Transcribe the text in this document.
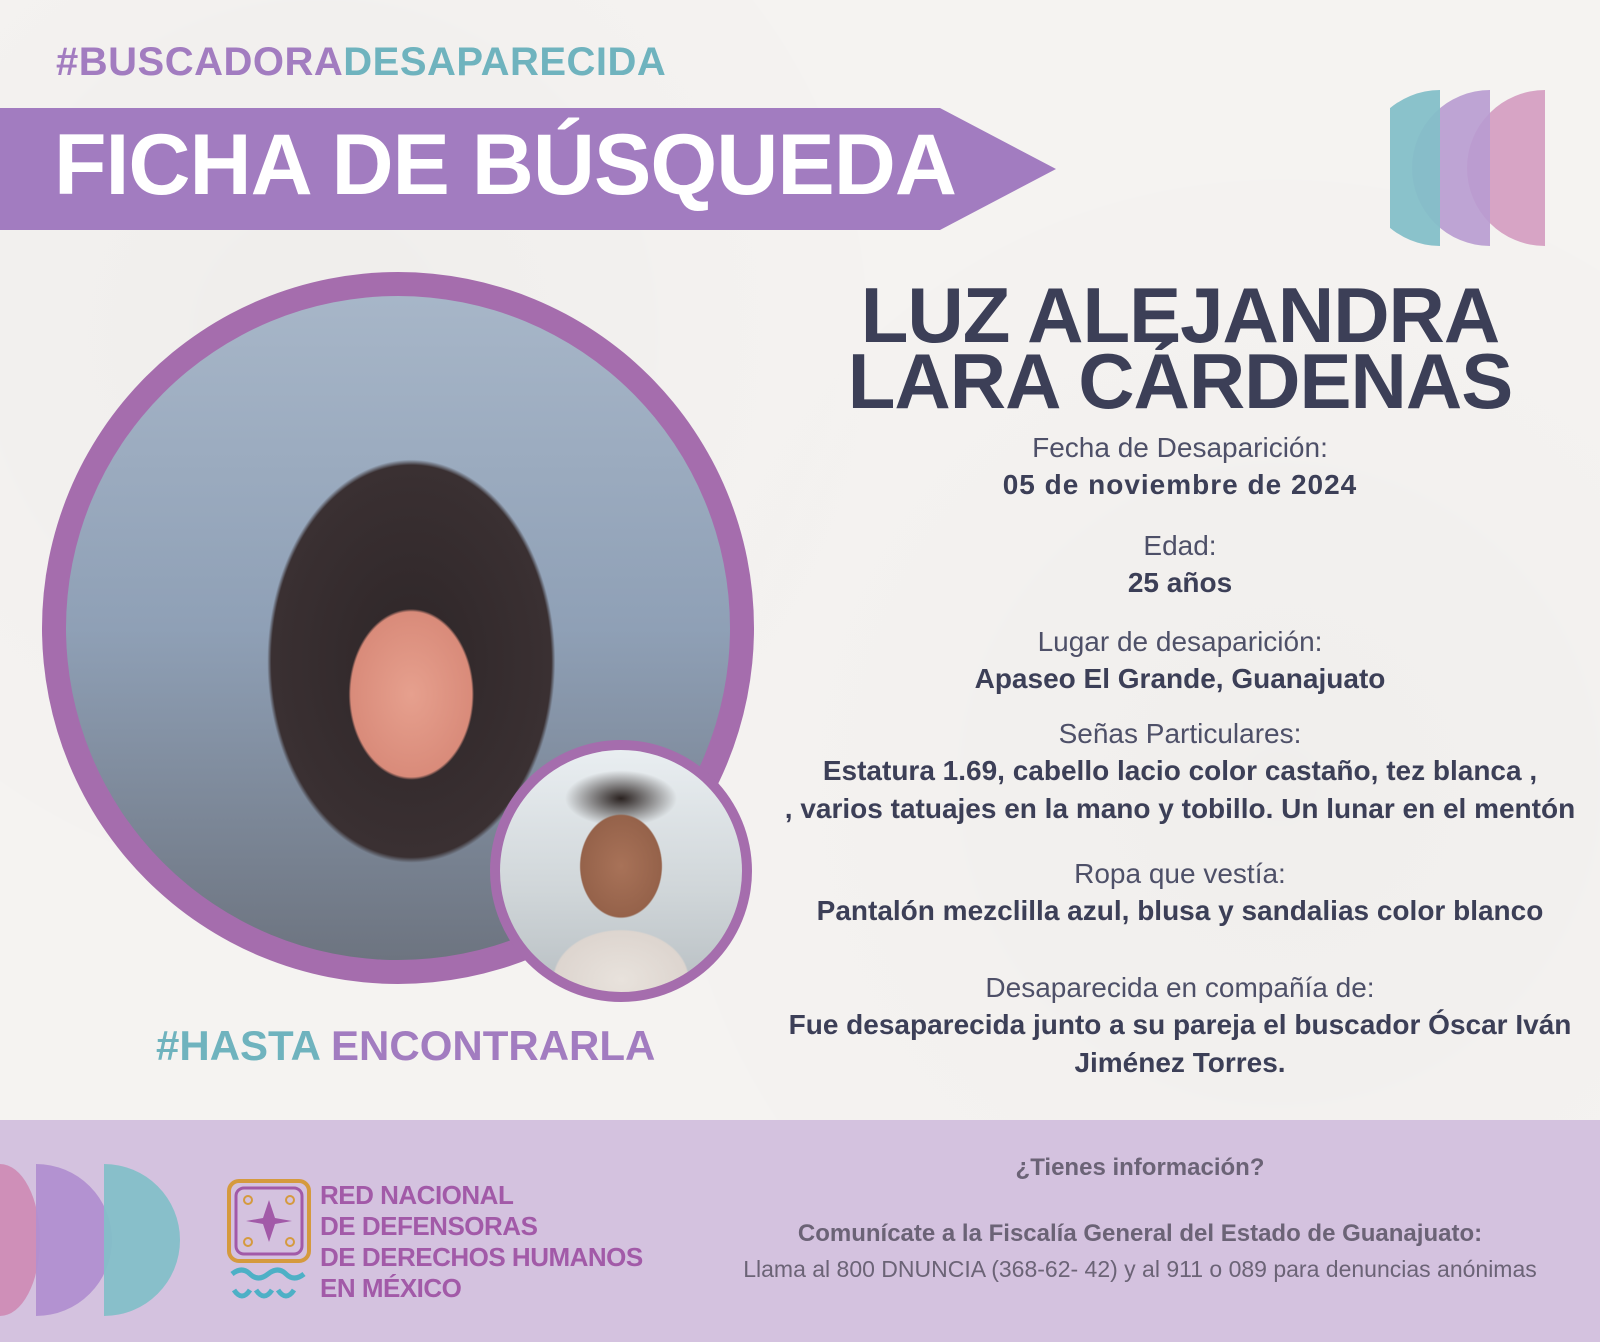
#BUSCADORADESAPARECIDA
FICHA DE BÚSQUEDA
#HASTA ENCONTRARLA
LUZ ALEJANDRA
LARA CÁRDENAS
Fecha de Desaparición:
05 de noviembre de 2024
Edad:
25 años
Lugar de desaparición:
Apaseo El Grande, Guanajuato
Señas Particulares:
Estatura 1.69, cabello lacio color castaño, tez blanca ,
, varios tatuajes en la mano y tobillo. Un lunar en el mentón
Ropa que vestía:
Pantalón mezclilla azul, blusa y sandalias color blanco
Desaparecida en compañía de:
Fue desaparecida junto a su pareja el buscador Óscar Iván
Jiménez Torres.
RED NACIONAL
DE DEFENSORAS
DE DERECHOS HUMANOS
EN MÉXICO
¿Tienes información?
Comunícate a la Fiscalía General del Estado de Guanajuato:
Llama al 800 DNUNCIA (368-62- 42) y al 911 o 089 para denuncias anónimas
